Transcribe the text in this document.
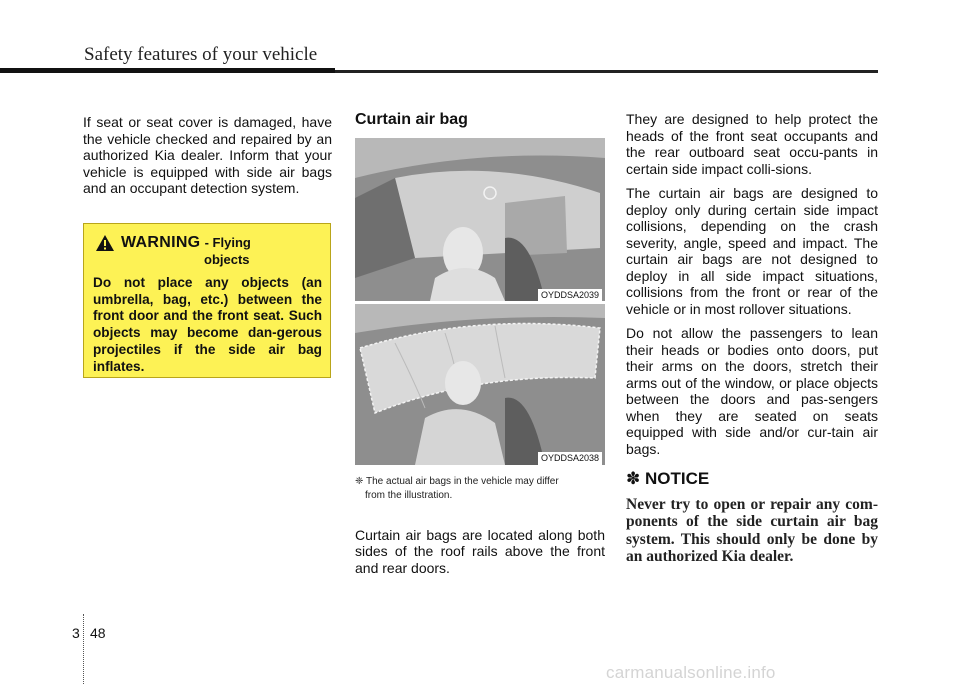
Safety features of your vehicle

If seat or seat cover is damaged, have the vehicle checked and repaired by an authorized Kia dealer. Inform that your vehicle is equipped with side air bags and an occupant detection system.

WARNING - Flying
objects
Do not place any objects (an umbrella, bag, etc.) between the front door and the front seat. Such objects may become dan-gerous projectiles if the side air bag inflates.
Curtain air bag
OYDDSA2039
OYDDSA2038
❈ The actual air bags in the vehicle may differ
from the illustration.

Curtain air bags are located along both sides of the roof rails above the front and rear doors.

They are designed to help protect the heads of the front seat occupants and the rear outboard seat occu-pants in certain side impact colli-sions.

The curtain air bags are designed to deploy only during certain side impact collisions, depending on the crash severity, angle, speed and impact. The curtain air bags are not designed to deploy in all side impact situations, collisions from the front or rear of the vehicle or in most rollover situations.

Do not allow the passengers to lean their heads or bodies onto doors, put their arms on the doors, stretch their arms out of the window, or place objects between the doors and pas-sengers when they are seated on seats equipped with side and/or cur-tain air bags.

✽ NOTICE
Never try to open or repair any com-ponents of the side curtain air bag system. This should only be done by an authorized Kia dealer.
3 48
carmanualsonline.info
